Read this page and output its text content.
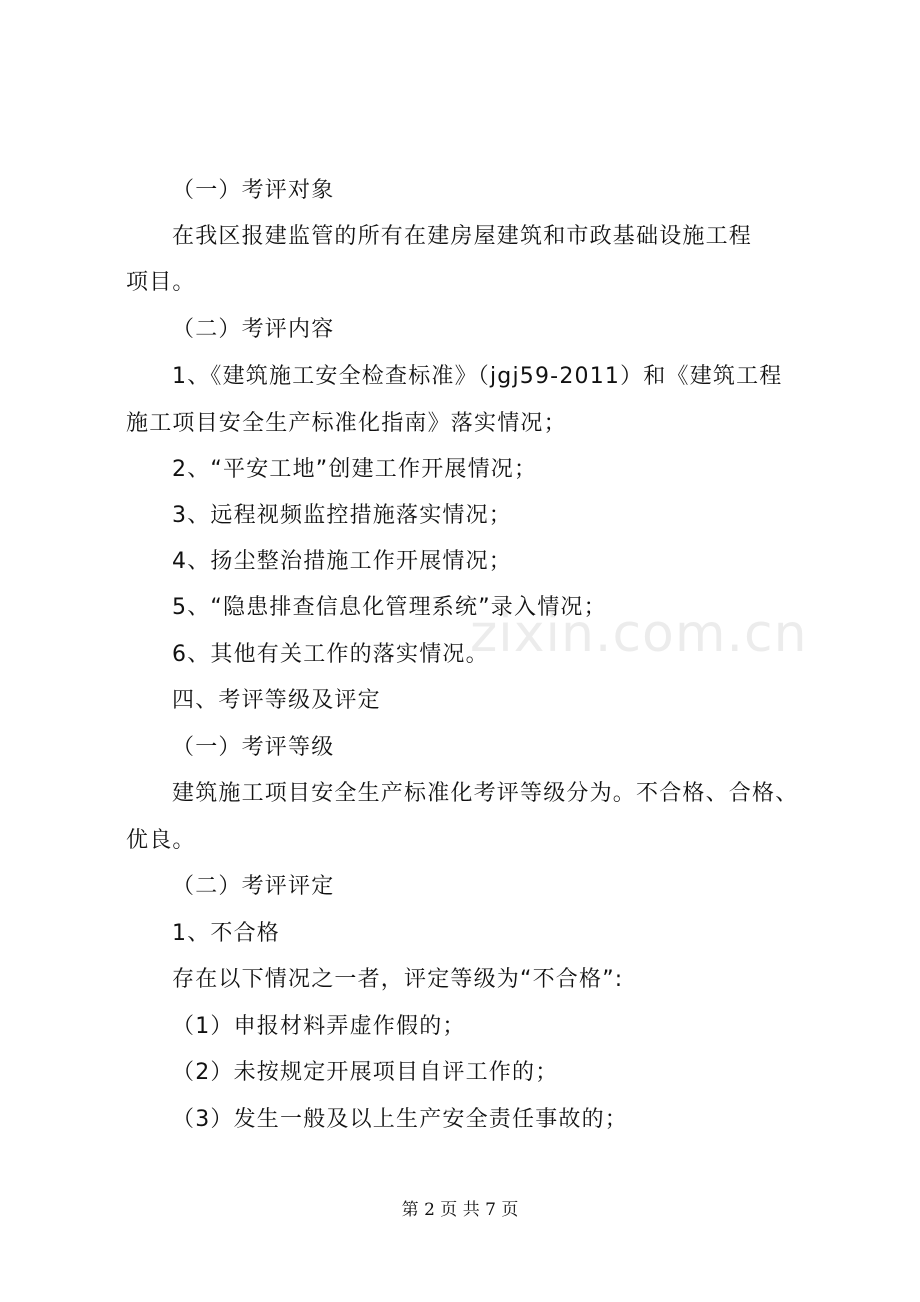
（一）考评对象
在我区报建监管的所有在建房屋建筑和市政基础设施工程
项目。
（二）考评内容
1、《建筑施工安全检查标准》（jgj59-2011）和《建筑工程
施工项目安全生产标准化指南》落实情况；
2、“平安工地”创建工作开展情况；
3、远程视频监控措施落实情况；
4、扬尘整治措施工作开展情况；
5、“隐患排查信息化管理系统”录入情况；
6、其他有关工作的落实情况。
四、考评等级及评定
（一）考评等级
建筑施工项目安全生产标准化考评等级分为。不合格、合格、
优良。
（二）考评评定
1、不合格
存在以下情况之一者，评定等级为“不合格”:
（1）申报材料弄虚作假的；
（2）未按规定开展项目自评工作的；
（3）发生一般及以上生产安全责任事故的；
zixin.com.cn
第 2 页 共 7 页
